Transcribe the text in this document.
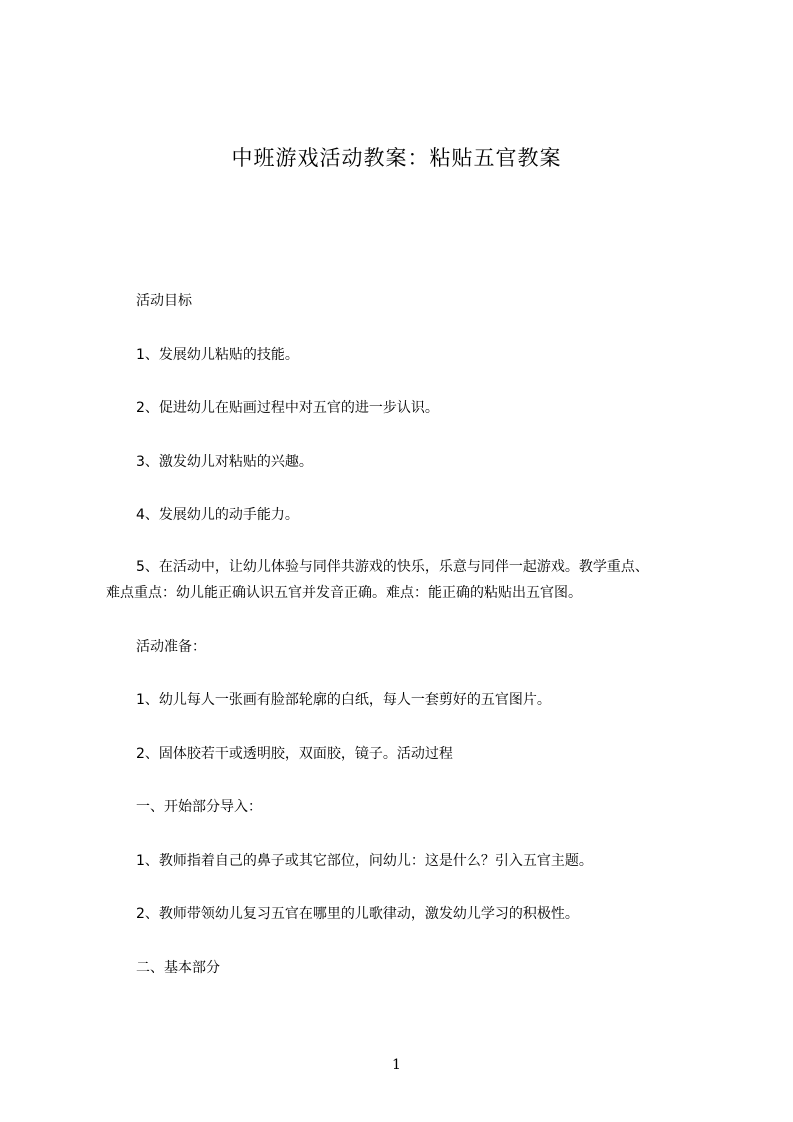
中班游戏活动教案：粘贴五官教案
活动目标
1、发展幼儿粘贴的技能。
2、促进幼儿在贴画过程中对五官的进一步认识。
3、激发幼儿对粘贴的兴趣。
4、发展幼儿的动手能力。
5、在活动中，让幼儿体验与同伴共游戏的快乐，乐意与同伴一起游戏。教学重点、
难点重点：幼儿能正确认识五官并发音正确。难点：能正确的粘贴出五官图。
活动准备：
1、幼儿每人一张画有脸部轮廓的白纸，每人一套剪好的五官图片。
2、固体胶若干或透明胶，双面胶，镜子。活动过程
一、开始部分导入：
1、教师指着自己的鼻子或其它部位，问幼儿：这是什么？引入五官主题。
2、教师带领幼儿复习五官在哪里的儿歌律动，激发幼儿学习的积极性。
二、基本部分
1
